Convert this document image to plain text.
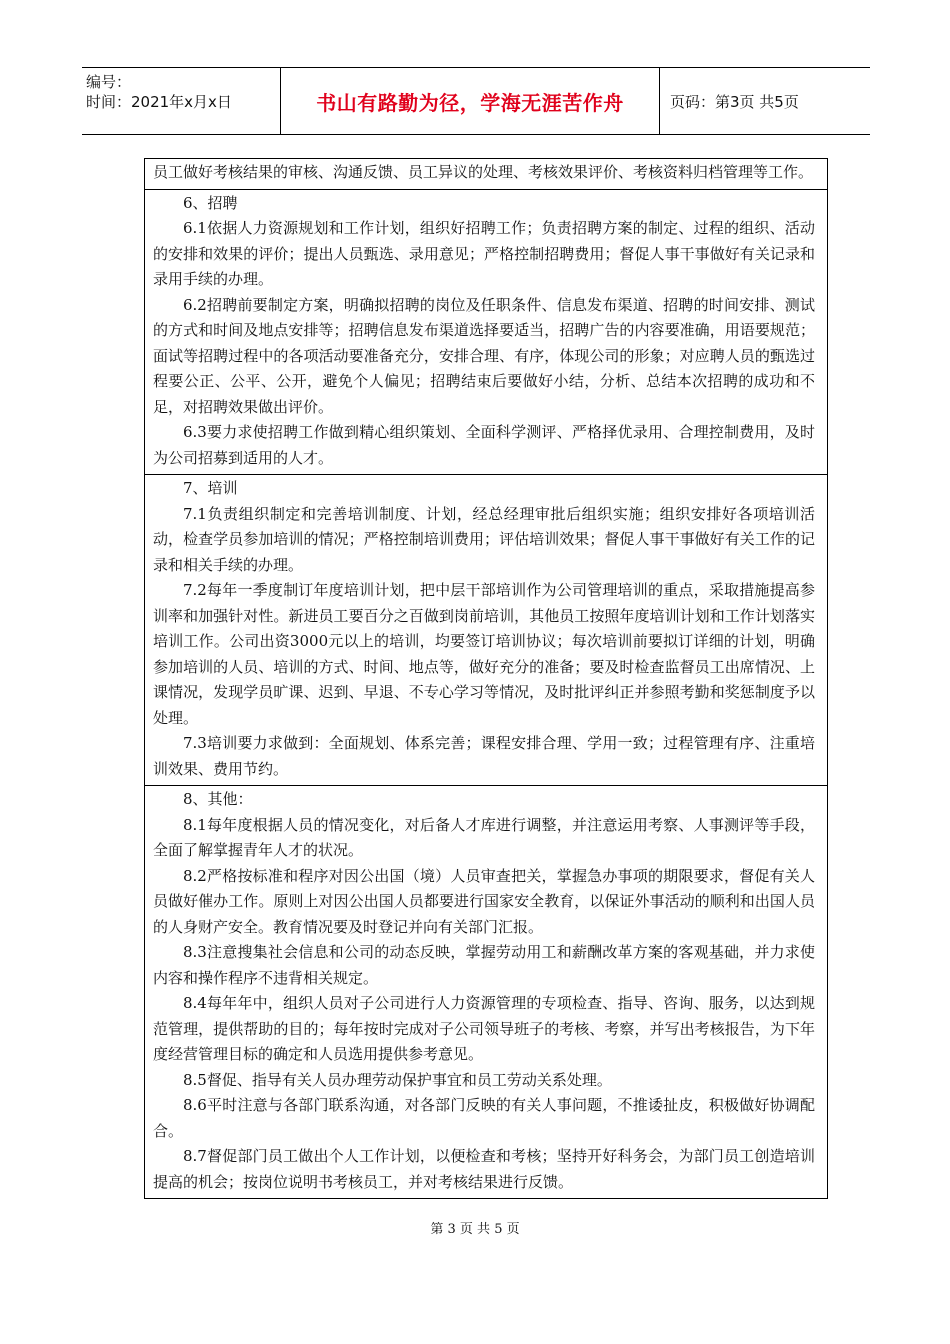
编号：
时间：2021年x月x日	书山有路勤为径，学海无涯苦作舟	页码：第3页 共5页

员工做好考核结果的审核、沟通反馈、员工异议的处理、考核效果评价、考核资料归档管理等工作。

6、招聘

6.1依据人力资源规划和工作计划，组织好招聘工作；负责招聘方案的制定、过程的组织、活动的安排和效果的评价；提出人员甄选、录用意见；严格控制招聘费用；督促人事干事做好有关记录和录用手续的办理。

6.2招聘前要制定方案，明确拟招聘的岗位及任职条件、信息发布渠道、招聘的时间安排、测试的方式和时间及地点安排等；招聘信息发布渠道选择要适当，招聘广告的内容要准确，用语要规范；面试等招聘过程中的各项活动要准备充分，安排合理、有序，体现公司的形象；对应聘人员的甄选过程要公正、公平、公开，避免个人偏见；招聘结束后要做好小结，分析、总结本次招聘的成功和不足，对招聘效果做出评价。

6.3要力求使招聘工作做到精心组织策划、全面科学测评、严格择优录用、合理控制费用，及时为公司招募到适用的人才。

7、培训

7.1负责组织制定和完善培训制度、计划，经总经理审批后组织实施；组织安排好各项培训活动，检查学员参加培训的情况；严格控制培训费用；评估培训效果；督促人事干事做好有关工作的记录和相关手续的办理。

7.2每年一季度制订年度培训计划，把中层干部培训作为公司管理培训的重点，采取措施提高参训率和加强针对性。新进员工要百分之百做到岗前培训，其他员工按照年度培训计划和工作计划落实培训工作。公司出资3000元以上的培训，均要签订培训协议；每次培训前要拟订详细的计划，明确参加培训的人员、培训的方式、时间、地点等，做好充分的准备；要及时检查监督员工出席情况、上课情况，发现学员旷课、迟到、早退、不专心学习等情况，及时批评纠正并参照考勤和奖惩制度予以处理。

7.3培训要力求做到：全面规划、体系完善；课程安排合理、学用一致；过程管理有序、注重培训效果、费用节约。

8、其他：

8.1每年度根据人员的情况变化，对后备人才库进行调整，并注意运用考察、人事测评等手段，全面了解掌握青年人才的状况。

8.2严格按标准和程序对因公出国（境）人员审查把关，掌握急办事项的期限要求，督促有关人员做好催办工作。原则上对因公出国人员都要进行国家安全教育，以保证外事活动的顺利和出国人员的人身财产安全。教育情况要及时登记并向有关部门汇报。

8.3注意搜集社会信息和公司的动态反映，掌握劳动用工和薪酬改革方案的客观基础，并力求使内容和操作程序不违背相关规定。

8.4每年年中，组织人员对子公司进行人力资源管理的专项检查、指导、咨询、服务，以达到规范管理，提供帮助的目的；每年按时完成对子公司领导班子的考核、考察，并写出考核报告，为下年度经营管理目标的确定和人员选用提供参考意见。

8.5督促、指导有关人员办理劳动保护事宜和员工劳动关系处理。

8.6平时注意与各部门联系沟通，对各部门反映的有关人事问题，不推诿扯皮，积极做好协调配合。

8.7督促部门员工做出个人工作计划，以便检查和考核；坚持开好科务会，为部门员工创造培训提高的机会；按岗位说明书考核员工，并对考核结果进行反馈。

第 3 页 共 5 页
